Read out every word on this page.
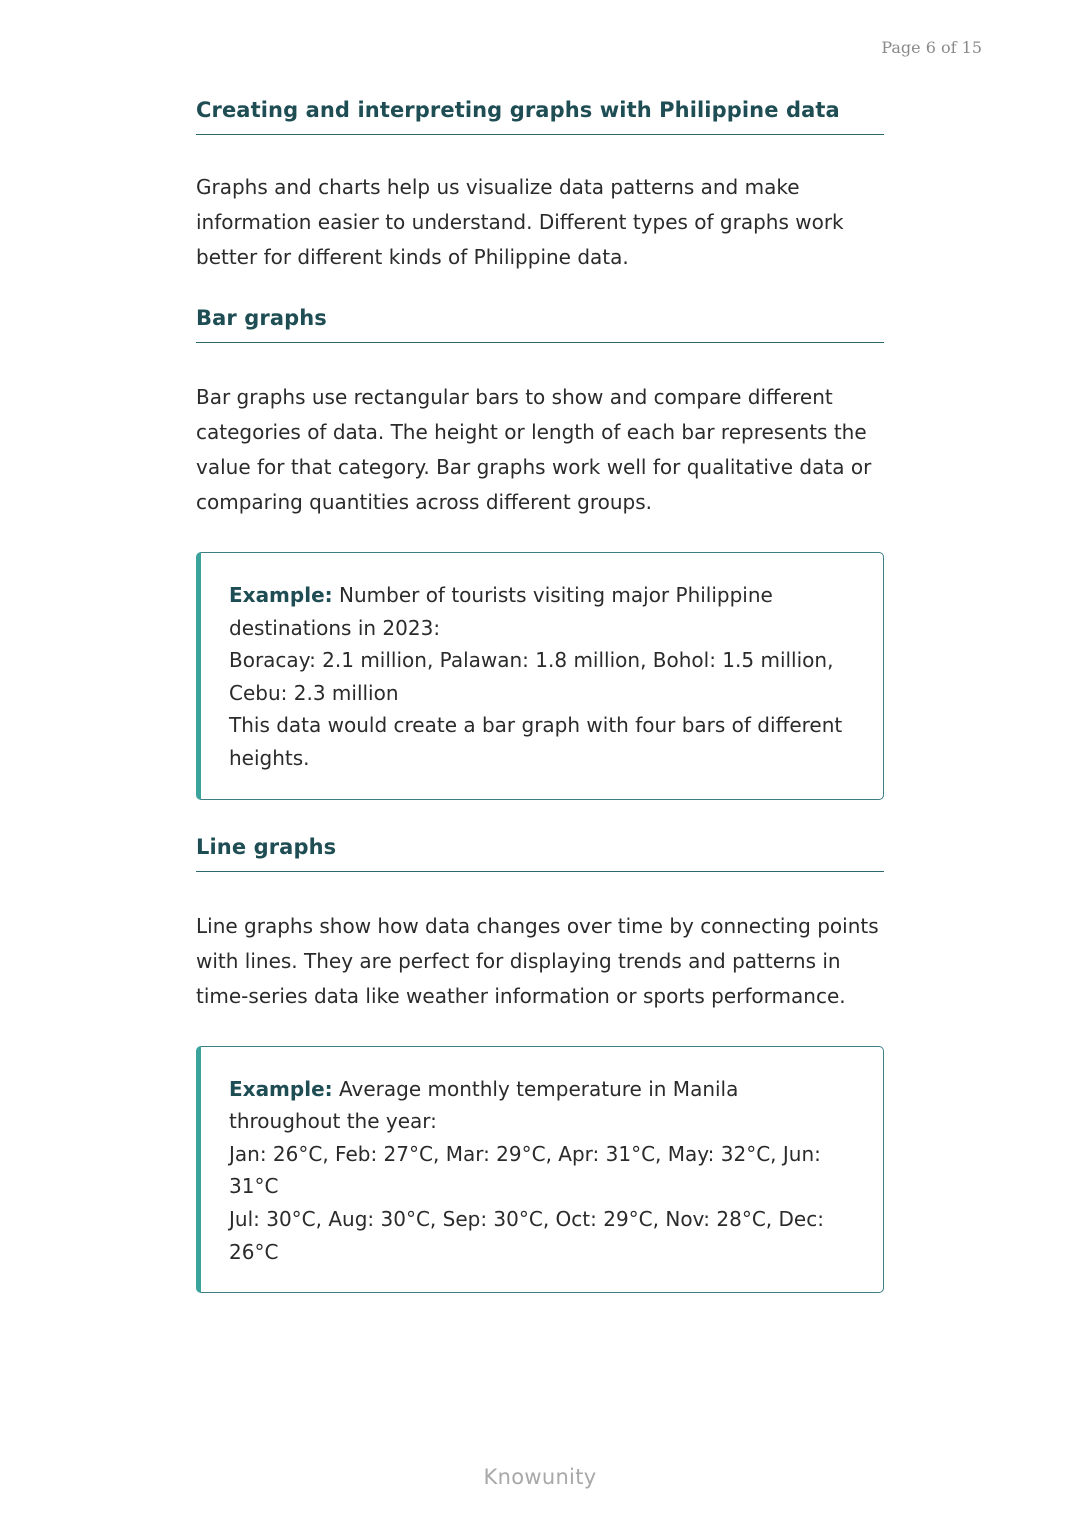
Page 6 of 15
Creating and interpreting graphs with Philippine data

Graphs and charts help us visualize data patterns and make information easier to understand. Different types of graphs work better for different kinds of Philippine data.

Bar graphs

Bar graphs use rectangular bars to show and compare different categories of data. The height or length of each bar represents the value for that category. Bar graphs work well for qualitative data or comparing quantities across different groups.

Example: Number of tourists visiting major Philippine destinations in 2023:

Boracay: 2.1 million, Palawan: 1.8 million, Bohol: 1.5 million, Cebu: 2.3 million

This data would create a bar graph with four bars of different heights.

Line graphs

Line graphs show how data changes over time by connecting points with lines. They are perfect for displaying trends and patterns in time-series data like weather information or sports performance.

Example: Average monthly temperature in Manila throughout the year:

Jan: 26°C, Feb: 27°C, Mar: 29°C, Apr: 31°C, May: 32°C, Jun: 31°C

Jul: 30°C, Aug: 30°C, Sep: 30°C, Oct: 29°C, Nov: 28°C, Dec: 26°C

Knowunity
